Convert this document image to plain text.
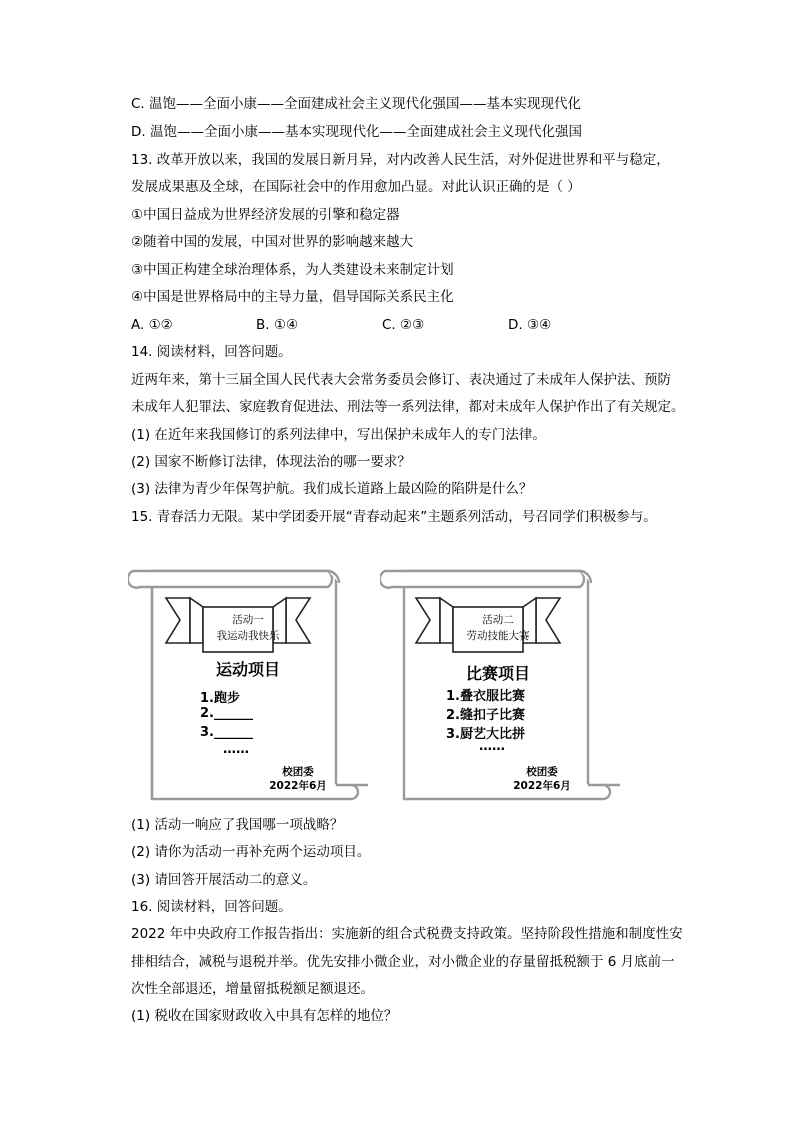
C. 温饱——全面小康——全面建成社会主义现代化强国——基本实现现代化
D. 温饱——全面小康——基本实现现代化——全面建成社会主义现代化强国
13. 改革开放以来，我国的发展日新月异，对内改善人民生活，对外促进世界和平与稳定，
发展成果惠及全球，在国际社会中的作用愈加凸显。对此认识正确的是（ ）
①中国日益成为世界经济发展的引擎和稳定器
②随着中国的发展，中国对世界的影响越来越大
③中国正构建全球治理体系，为人类建设未来制定计划
④中国是世界格局中的主导力量，倡导国际关系民主化
A. ①②	B. ①④	C. ②③	D. ③④
14. 阅读材料，回答问题。
近两年来，第十三届全国人民代表大会常务委员会修订、表决通过了未成年人保护法、预防
未成年人犯罪法、家庭教育促进法、刑法等一系列法律，都对未成年人保护作出了有关规定。
(1) 在近年来我国修订的系列法律中，写出保护未成年人的专门法律。
(2) 国家不断修订法律，体现法治的哪一要求？
(3) 法律为青少年保驾护航。我们成长道路上最凶险的陷阱是什么？
15. 青春活力无限。某中学团委开展“青春动起来”主题系列活动，号召同学们积极参与。
活动一
我运动我快乐
运动项目
1.跑步
2.______
3.______
……
校团委
2022年6月
活动二
劳动技能大赛
比赛项目
1.叠衣服比赛
2.缝扣子比赛
3.厨艺大比拼
……
校团委
2022年6月
(1) 活动一响应了我国哪一项战略？
(2) 请你为活动一再补充两个运动项目。
(3) 请回答开展活动二的意义。
16. 阅读材料，回答问题。
2022 年中央政府工作报告指出：实施新的组合式税费支持政策。坚持阶段性措施和制度性安
排相结合，减税与退税并举。优先安排小微企业，对小微企业的存量留抵税额于 6 月底前一
次性全部退还，增量留抵税额足额退还。
(1) 税收在国家财政收入中具有怎样的地位？
